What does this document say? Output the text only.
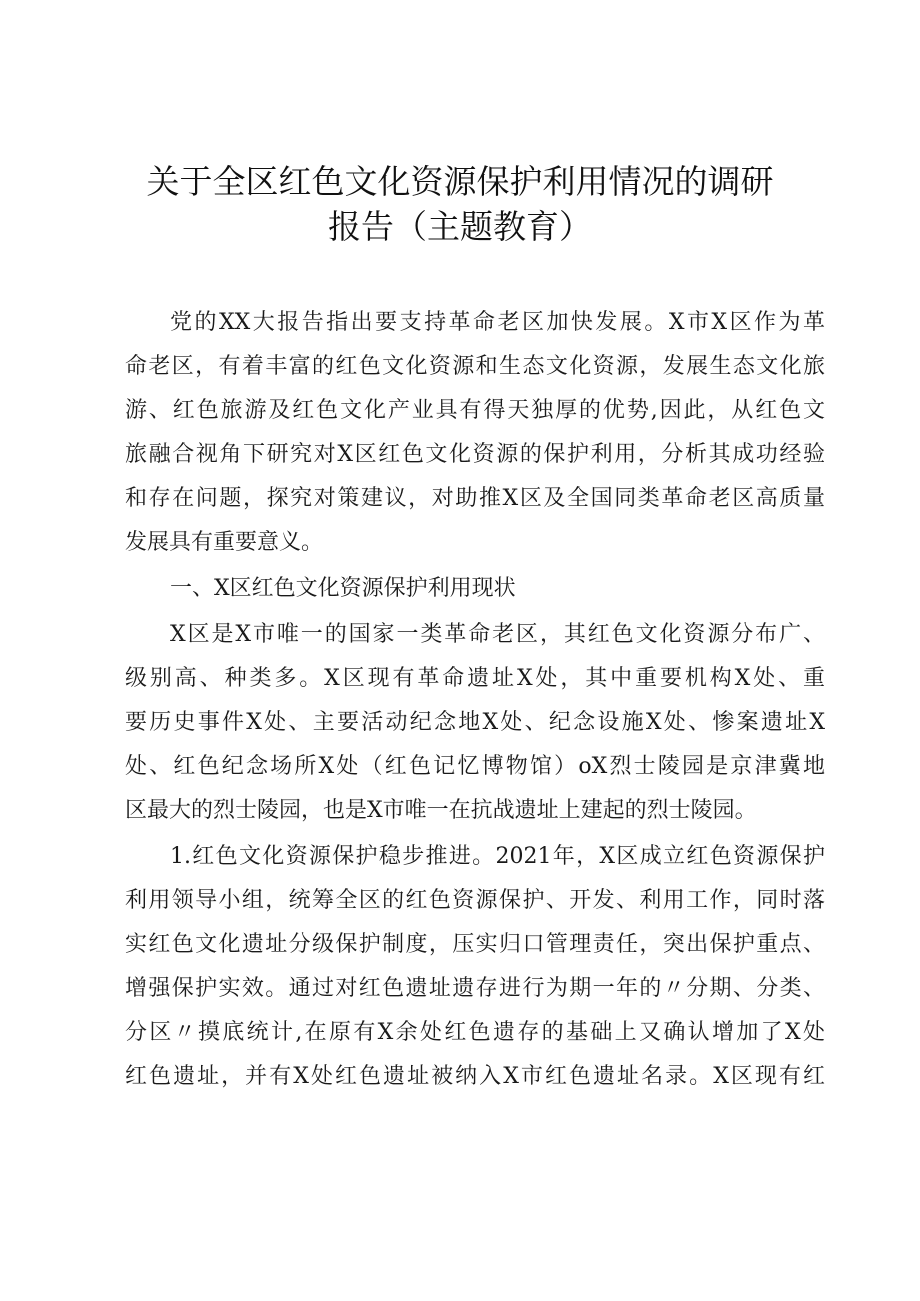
关于全区红色文化资源保护利用情况的调研
报告（主题教育）
党的XX大报告指出要支持革命老区加快发展。X市X区作为革
命老区，有着丰富的红色文化资源和生态文化资源，发展生态文化旅
游、红色旅游及红色文化产业具有得天独厚的优势,因此，从红色文
旅融合视角下研究对X区红色文化资源的保护利用，分析其成功经验
和存在问题，探究对策建议，对助推X区及全国同类革命老区高质量
发展具有重要意义。
一、X区红色文化资源保护利用现状
X区是X市唯一的国家一类革命老区，其红色文化资源分布广、
级别高、种类多。X区现有革命遗址X处，其中重要机构X处、重
要历史事件X处、主要活动纪念地X处、纪念设施X处、惨案遗址X
处、红色纪念场所X处（红色记忆博物馆）oX烈士陵园是京津冀地
区最大的烈士陵园，也是X市唯一在抗战遗址上建起的烈士陵园。
1.红色文化资源保护稳步推进。2021年，X区成立红色资源保护
利用领导小组，统筹全区的红色资源保护、开发、利用工作，同时落
实红色文化遗址分级保护制度，压实归口管理责任，突出保护重点、
增强保护实效。通过对红色遗址遗存进行为期一年的〃分期、分类、
分区〃摸底统计,在原有X余处红色遗存的基础上又确认增加了X处
红色遗址，并有X处红色遗址被纳入X市红色遗址名录。X区现有红
